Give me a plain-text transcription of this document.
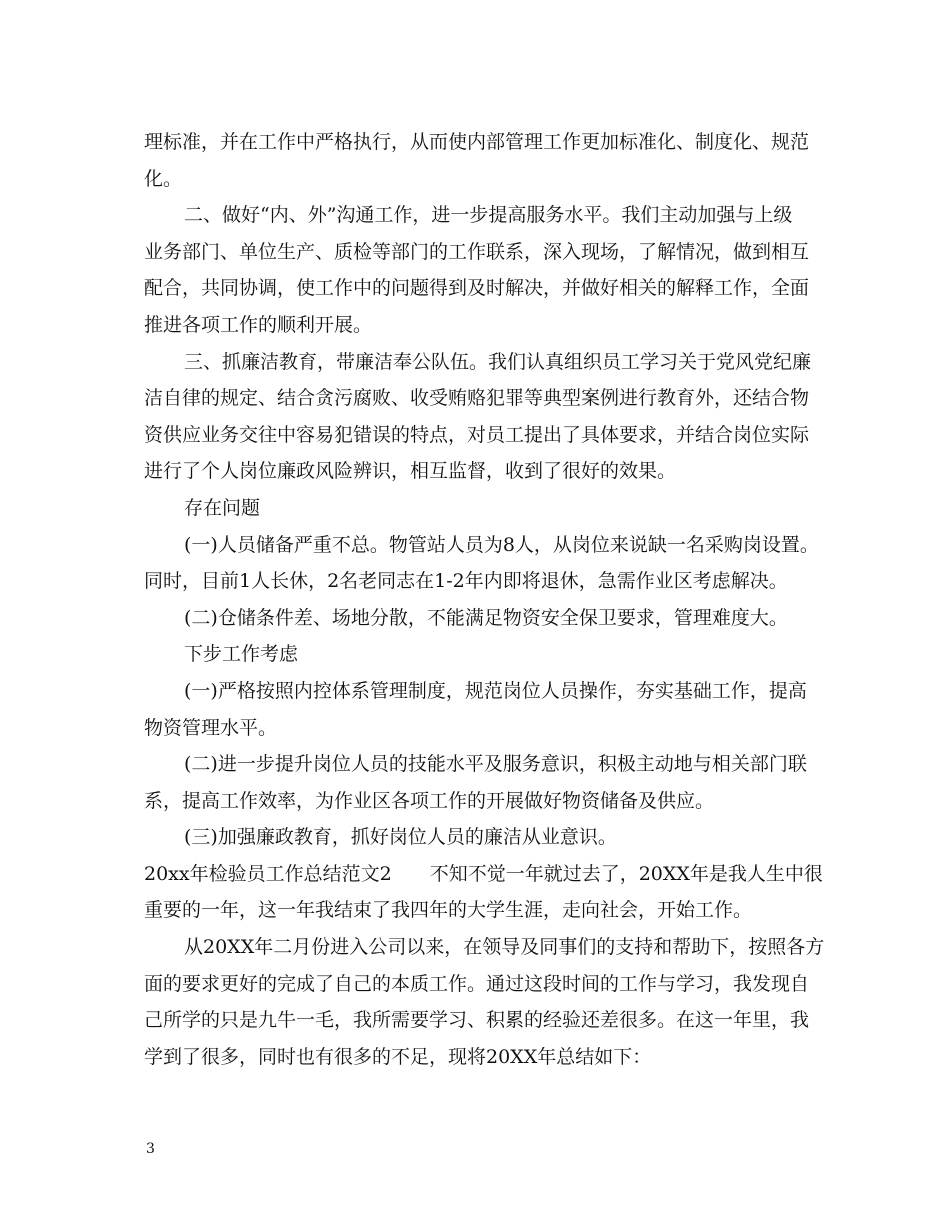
理标准，并在工作中严格执行，从而使内部管理工作更加标准化、制度化、规范
化。
二、做好“内、外”沟通工作，进一步提高服务水平。我们主动加强与上级
业务部门、单位生产、质检等部门的工作联系，深入现场，了解情况，做到相互
配合，共同协调，使工作中的问题得到及时解决，并做好相关的解释工作，全面
推进各项工作的顺利开展。
三、抓廉洁教育，带廉洁奉公队伍。我们认真组织员工学习关于党风党纪廉
洁自律的规定、结合贪污腐败、收受贿赂犯罪等典型案例进行教育外，还结合物
资供应业务交往中容易犯错误的特点，对员工提出了具体要求，并结合岗位实际
进行了个人岗位廉政风险辨识，相互监督，收到了很好的效果。
存在问题
(一)人员储备严重不总。物管站人员为8人，从岗位来说缺一名采购岗设置。
同时，目前1人长休，2名老同志在1-2年内即将退休，急需作业区考虑解决。
(二)仓储条件差、场地分散，不能满足物资安全保卫要求，管理难度大。
下步工作考虑
(一)严格按照内控体系管理制度，规范岗位人员操作，夯实基础工作，提高
物资管理水平。
(二)进一步提升岗位人员的技能水平及服务意识，积极主动地与相关部门联
系，提高工作效率，为作业区各项工作的开展做好物资储备及供应。
(三)加强廉政教育，抓好岗位人员的廉洁从业意识。
20xx年检验员工作总结范文2　　不知不觉一年就过去了，20XX年是我人生中很
重要的一年，这一年我结束了我四年的大学生涯，走向社会，开始工作。
从20XX年二月份进入公司以来，在领导及同事们的支持和帮助下，按照各方
面的要求更好的完成了自己的本质工作。通过这段时间的工作与学习，我发现自
己所学的只是九牛一毛，我所需要学习、积累的经验还差很多。在这一年里，我
学到了很多，同时也有很多的不足，现将20XX年总结如下：
3
